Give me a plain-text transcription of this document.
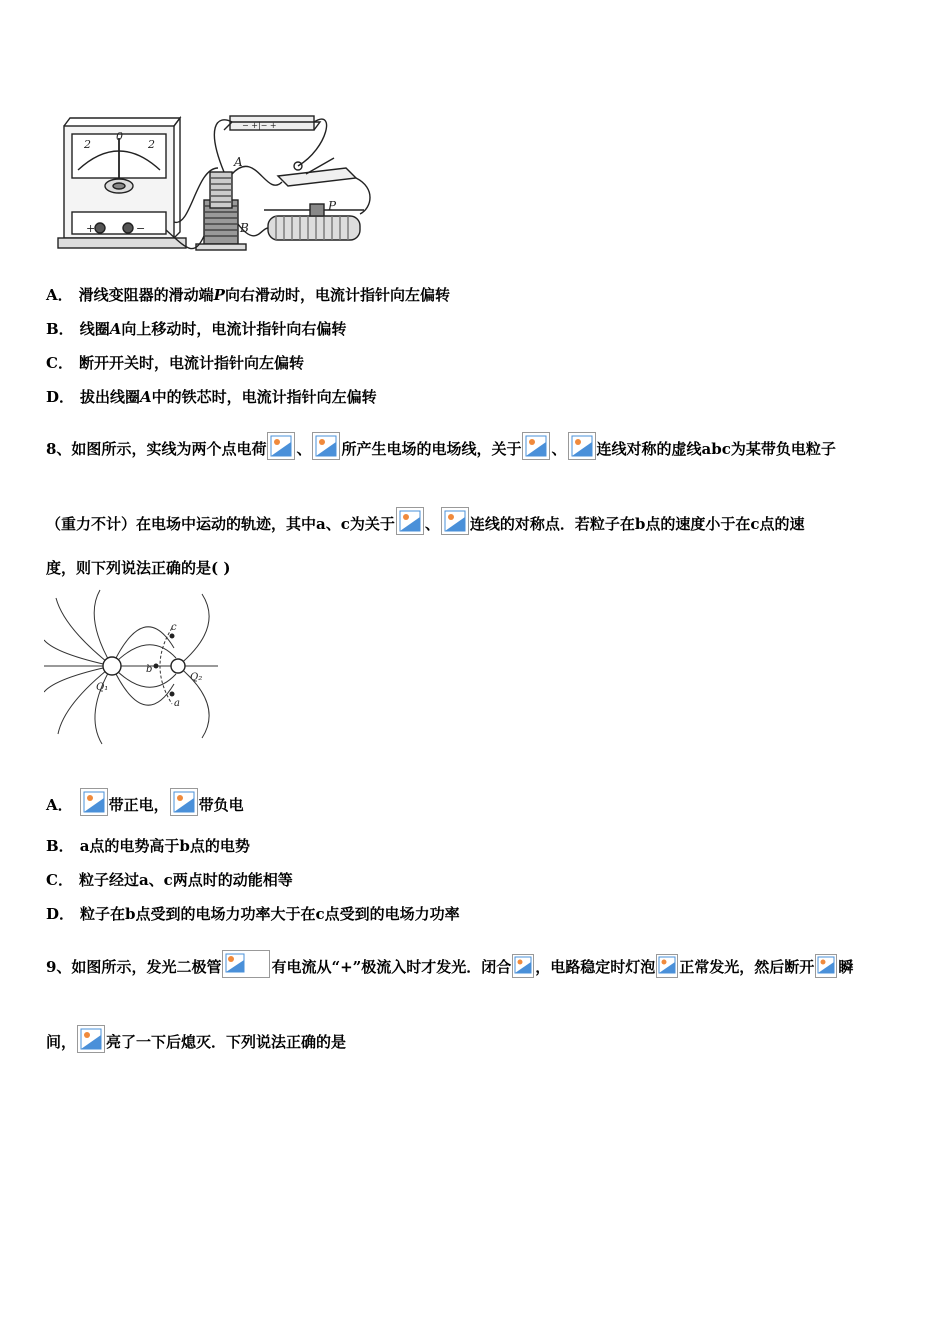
2
0
2
+	−
− +|− +
A
B
P
A． 滑线变阻器的滑动端P向右滑动时，电流计指针向左偏转
B． 线圈A向上移动时，电流计指针向右偏转
C． 断开开关时，电流计指针向左偏转
D． 拔出线圈A中的铁芯时，电流计指针向左偏转
8、如图所示，实线为两个点电荷 、 所产生电场的电场线，关于 、 连线对称的虚线abc为某带负电粒子
（重力不计）在电场中运动的轨迹，其中a、c为关于 、 连线的对称点．若粒子在b点的速度小于在c点的速
度，则下列说法正确的是( )
c
b
a
Q₁
Q₂
A． 带正电， 带负电
B． a点的电势高于b点的电势
C． 粒子经过a、c两点时的动能相等
D． 粒子在b点受到的电场力功率大于在c点受到的电场力功率
9、如图所示，发光二极管	有电流从“+”极流入时才发光．闭合 ，电路稳定时灯泡 正常发光，然后断开 瞬
间， 亮了一下后熄灭．下列说法正确的是
